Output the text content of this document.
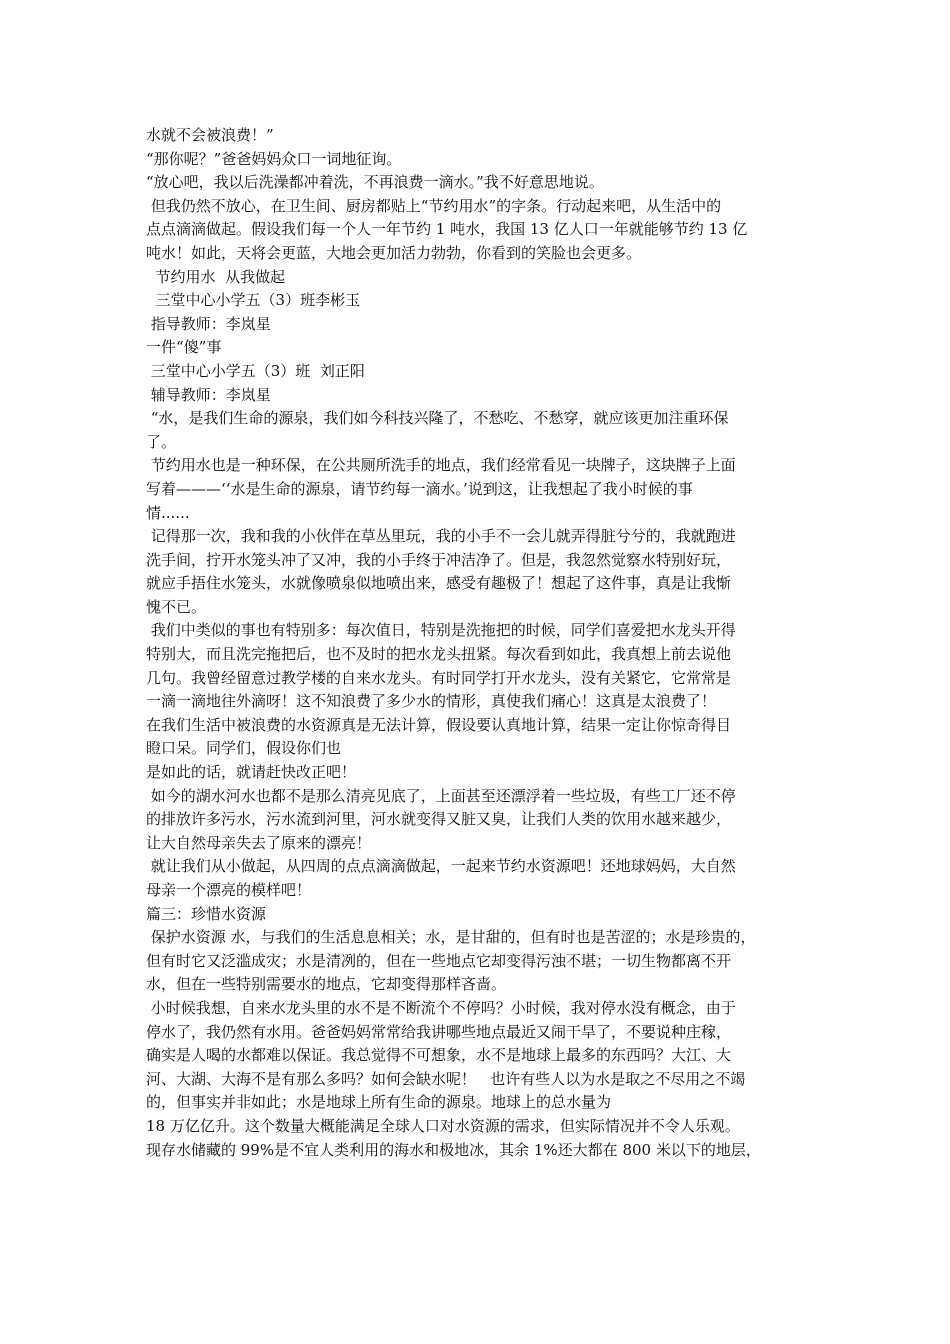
水就不会被浪费！”
“那你呢？”爸爸妈妈众口一词地征询。
“放心吧，我以后洗澡都冲着洗，不再浪费一滴水。”我不好意思地说。
但我仍然不放心，在卫生间、厨房都贴上“节约用水”的字条。行动起来吧，从生活中的
点点滴滴做起。假设我们每一个人一年节约 1 吨水，我国 13 亿人口一年就能够节约 13 亿
吨水！如此，天将会更蓝，大地会更加活力勃勃，你看到的笑脸也会更多。
节约用水  从我做起
三堂中心小学五（3）班李彬玉
指导教师：李岚星
一件“傻”事
三堂中心小学五（3）班  刘正阳
辅导教师：李岚星
“水，是我们生命的源泉，我们如今科技兴隆了，不愁吃、不愁穿，就应该更加注重环保
了。
节约用水也是一种环保，在公共厕所洗手的地点，我们经常看见一块牌子，这块牌子上面
写着———‘‘水是生命的源泉，请节约每一滴水。’说到这，让我想起了我小时候的事
情......
记得那一次，我和我的小伙伴在草丛里玩，我的小手不一会儿就弄得脏兮兮的，我就跑进
洗手间，拧开水笼头冲了又冲，我的小手终于冲洁净了。但是，我忽然觉察水特别好玩，
就应手捂住水笼头，水就像喷泉似地喷出来，感受有趣极了！想起了这件事，真是让我惭
愧不已。
我们中类似的事也有特别多：每次值日，特别是洗拖把的时候，同学们喜爱把水龙头开得
特别大，而且洗完拖把后，也不及时的把水龙头扭紧。每次看到如此，我真想上前去说他
几句。我曾经留意过教学楼的自来水龙头。有时同学打开水龙头，没有关紧它，它常常是
一滴一滴地往外滴呀！这不知浪费了多少水的情形，真使我们痛心！这真是太浪费了！
在我们生活中被浪费的水资源真是无法计算，假设要认真地计算，结果一定让你惊奇得目
瞪口呆。同学们，假设你们也
是如此的话，就请赶快改正吧！
如今的湖水河水也都不是那么清亮见底了，上面甚至还漂浮着一些垃圾，有些工厂还不停
的排放许多污水，污水流到河里，河水就变得又脏又臭，让我们人类的饮用水越来越少，
让大自然母亲失去了原来的漂亮！
就让我们从小做起，从四周的点点滴滴做起，一起来节约水资源吧！还地球妈妈，大自然
母亲一个漂亮的模样吧！
篇三：珍惜水资源
保护水资源 水，与我们的生活息息相关；水，是甘甜的，但有时也是苦涩的；水是珍贵的，
但有时它又泛滥成灾；水是清冽的，但在一些地点它却变得污浊不堪；一切生物都离不开
水，但在一些特别需要水的地点，它却变得那样吝啬。
小时候我想，自来水龙头里的水不是不断流个不停吗？小时候，我对停水没有概念，由于
停水了，我仍然有水用。爸爸妈妈常常给我讲哪些地点最近又闹干旱了，不要说种庄稼，
确实是人喝的水都难以保证。我总觉得不可想象，水不是地球上最多的东西吗？大江、大
河、大湖、大海不是有那么多吗？如何会缺水呢！   也许有些人以为水是取之不尽用之不竭
的，但事实并非如此；水是地球上所有生命的源泉。地球上的总水量为
18 万亿亿升。这个数量大概能满足全球人口对水资源的需求，但实际情况并不令人乐观。
现存水储藏的 99%是不宜人类利用的海水和极地冰，其余 1%还大都在 800 米以下的地层，
